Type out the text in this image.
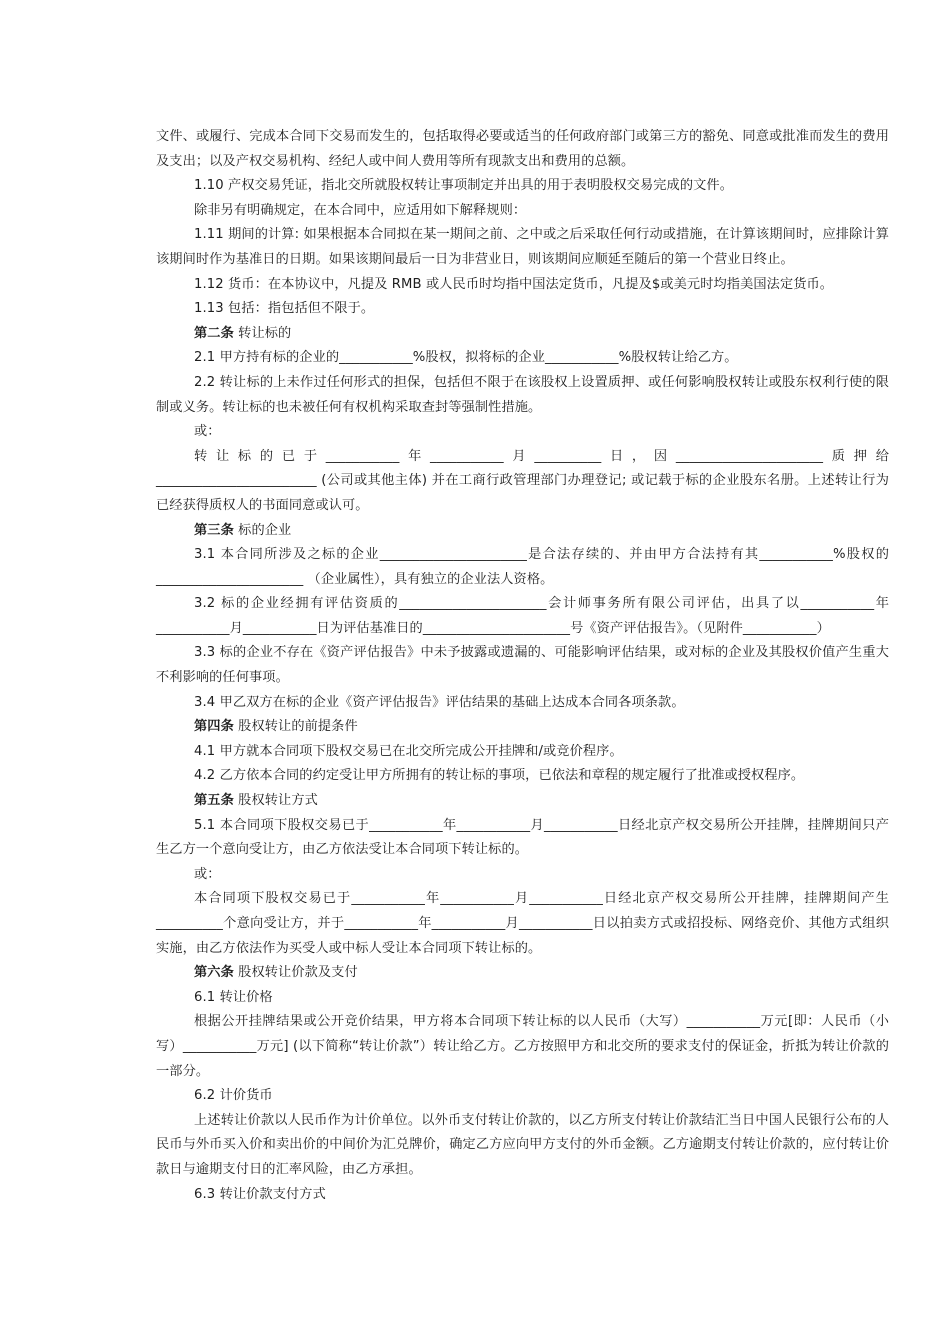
文件、或履行、完成本合同下交易而发生的，包括取得必要或适当的任何政府部门或第三方的豁免、同意或批准而发生的费用及支出；以及产权交易机构、经纪人或中间人费用等所有现款支出和费用的总额。

1.10 产权交易凭证，指北交所就股权转让事项制定并出具的用于表明股权交易完成的文件。

除非另有明确规定，在本合同中，应适用如下解释规则：

1.11 期间的计算: 如果根据本合同拟在某一期间之前、之中或之后采取任何行动或措施，在计算该期间时，应排除计算该期间时作为基准日的日期。如果该期间最后一日为非营业日，则该期间应顺延至随后的第一个营业日终止。

1.12 货币：在本协议中，凡提及 RMB 或人民币时均指中国法定货币，凡提及$或美元时均指美国法定货币。

1.13 包括：指包括但不限于。

第二条 转让标的

2.1 甲方持有标的企业的___________%股权，拟将标的企业___________%股权转让给乙方。

2.2 转让标的上未作过任何形式的担保，包括但不限于在该股权上设置质押、或任何影响股权转让或股东权利行使的限制或义务。转让标的也未被任何有权机构采取查封等强制性措施。

或：

转让标的已于___________年___________月__________日，因______________________质押给________________________ (公司或其他主体) 并在工商行政管理部门办理登记; 或记载于标的企业股东名册。上述转让行为已经获得质权人的书面同意或认可。

第三条 标的企业

3.1 本合同所涉及之标的企业______________________是合法存续的、并由甲方合法持有其___________%股权的______________________ （企业属性），具有独立的企业法人资格。

3.2 标的企业经拥有评估资质的______________________会计师事务所有限公司评估，出具了以___________年___________月___________日为评估基准日的______________________号《资产评估报告》。（见附件___________）

3.3 标的企业不存在《资产评估报告》中未予披露或遗漏的、可能影响评估结果，或对标的企业及其股权价值产生重大不利影响的任何事项。

3.4 甲乙双方在标的企业《资产评估报告》评估结果的基础上达成本合同各项条款。

第四条 股权转让的前提条件

4.1 甲方就本合同项下股权交易已在北交所完成公开挂牌和/或竞价程序。

4.2 乙方依本合同的约定受让甲方所拥有的转让标的事项，已依法和章程的规定履行了批准或授权程序。

第五条 股权转让方式

5.1 本合同项下股权交易已于___________年___________月___________日经北京产权交易所公开挂牌，挂牌期间只产生乙方一个意向受让方，由乙方依法受让本合同项下转让标的。

或：

本合同项下股权交易已于___________年___________月___________日经北京产权交易所公开挂牌，挂牌期间产生__________个意向受让方，并于___________年___________月___________日以拍卖方式或招投标、网络竞价、其他方式组织实施，由乙方依法作为买受人或中标人受让本合同项下转让标的。

第六条 股权转让价款及支付

6.1 转让价格

根据公开挂牌结果或公开竞价结果，甲方将本合同项下转让标的以人民币（大写）___________万元[即：人民币（小写）___________万元] (以下简称“转让价款”）转让给乙方。乙方按照甲方和北交所的要求支付的保证金，折抵为转让价款的一部分。

6.2 计价货币

上述转让价款以人民币作为计价单位。以外币支付转让价款的，以乙方所支付转让价款结汇当日中国人民银行公布的人民币与外币买入价和卖出价的中间价为汇兑牌价，确定乙方应向甲方支付的外币金额。乙方逾期支付转让价款的，应付转让价款日与逾期支付日的汇率风险，由乙方承担。

6.3 转让价款支付方式
